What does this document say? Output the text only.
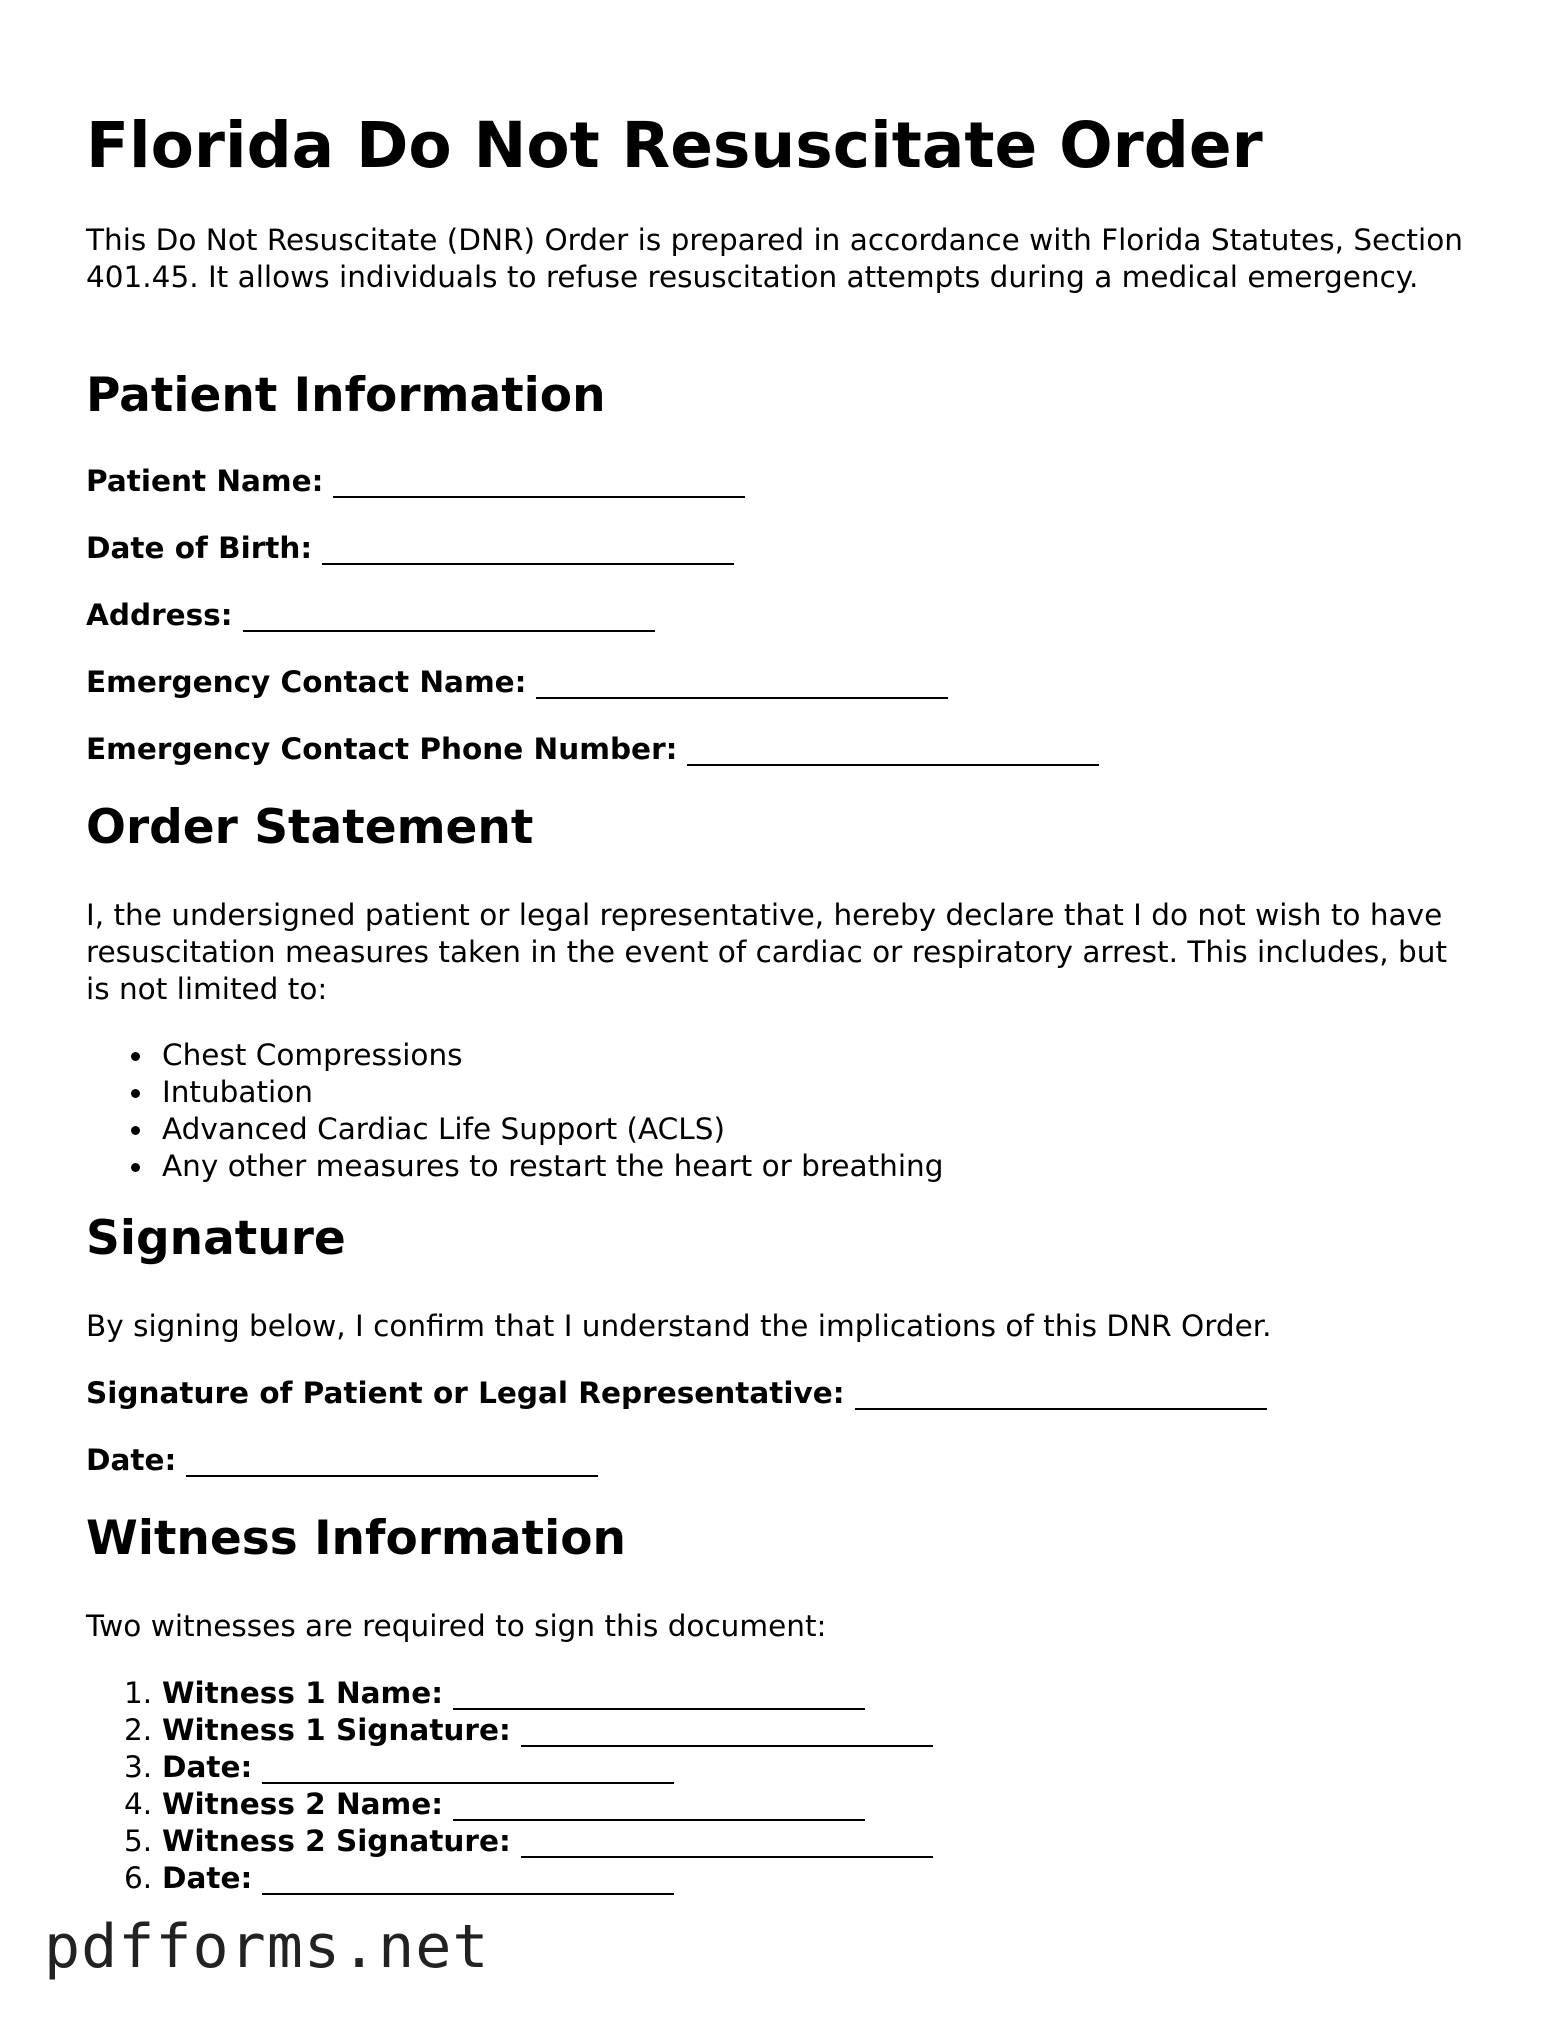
Florida Do Not Resuscitate Order

This Do Not Resuscitate (DNR) Order is prepared in accordance with Florida Statutes, Section 401.45. It allows individuals to refuse resuscitation attempts during a medical emergency.

Patient Information
Patient Name:
Date of Birth:
Address:
Emergency Contact Name:
Emergency Contact Phone Number:
Order Statement

I, the undersigned patient or legal representative, hereby declare that I do not wish to have resuscitation measures taken in the event of cardiac or respiratory arrest. This includes, but is not limited to:

Chest Compressions
Intubation
Advanced Cardiac Life Support (ACLS)
Any other measures to restart the heart or breathing
Signature

By signing below, I confirm that I understand the implications of this DNR Order.

Signature of Patient or Legal Representative:
Date:
Witness Information

Two witnesses are required to sign this document:

1. Witness 1 Name:
2. Witness 1 Signature:
3. Date:
4. Witness 2 Name:
5. Witness 2 Signature:
6. Date:
pdfforms.net
